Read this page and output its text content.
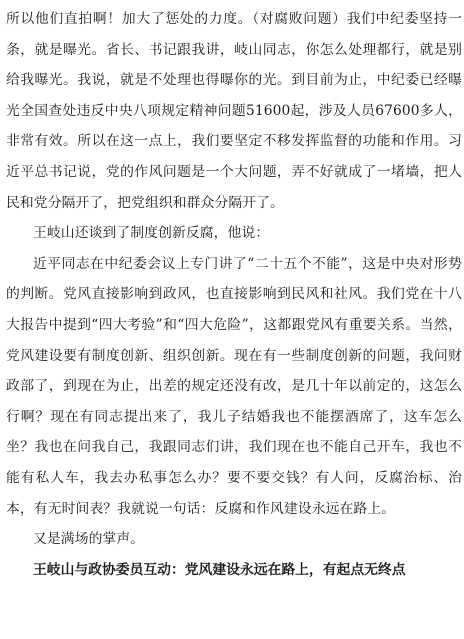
所以他们直拍啊！加大了惩处的力度。（对腐败问题）我们中纪委坚持一条，就是曝光。省长、书记跟我讲，岐山同志，你怎么处理都行，就是别给我曝光。我说，就是不处理也得曝你的光。到目前为止，中纪委已经曝光全国查处违反中央八项规定精神问题51600起，涉及人员67600多人，非常有效。所以在这一点上，我们要坚定不移发挥监督的功能和作用。习近平总书记说，党的作风问题是一个大问题，弄不好就成了一堵墙，把人民和党分隔开了，把党组织和群众分隔开了。

王岐山还谈到了制度创新反腐，他说：

近平同志在中纪委会议上专门讲了“二十五个不能”，这是中央对形势的判断。党风直接影响到政风，也直接影响到民风和社风。我们党在十八大报告中提到“四大考验”和“四大危险”，这都跟党风有重要关系。当然，党风建设要有制度创新、组织创新。现在有一些制度创新的问题，我问财政部了，到现在为止，出差的规定还没有改，是几十年以前定的，这怎么行啊？现在有同志提出来了，我儿子结婚我也不能摆酒席了，这车怎么坐？我也在问我自己，我跟同志们讲，我们现在也不能自己开车，我也不能有私人车，我去办私事怎么办？要不要交钱？有人问，反腐治标、治本，有无时间表？我就说一句话：反腐和作风建设永远在路上。

又是满场的掌声。

王岐山与政协委员互动：党风建设永远在路上，有起点无终点
